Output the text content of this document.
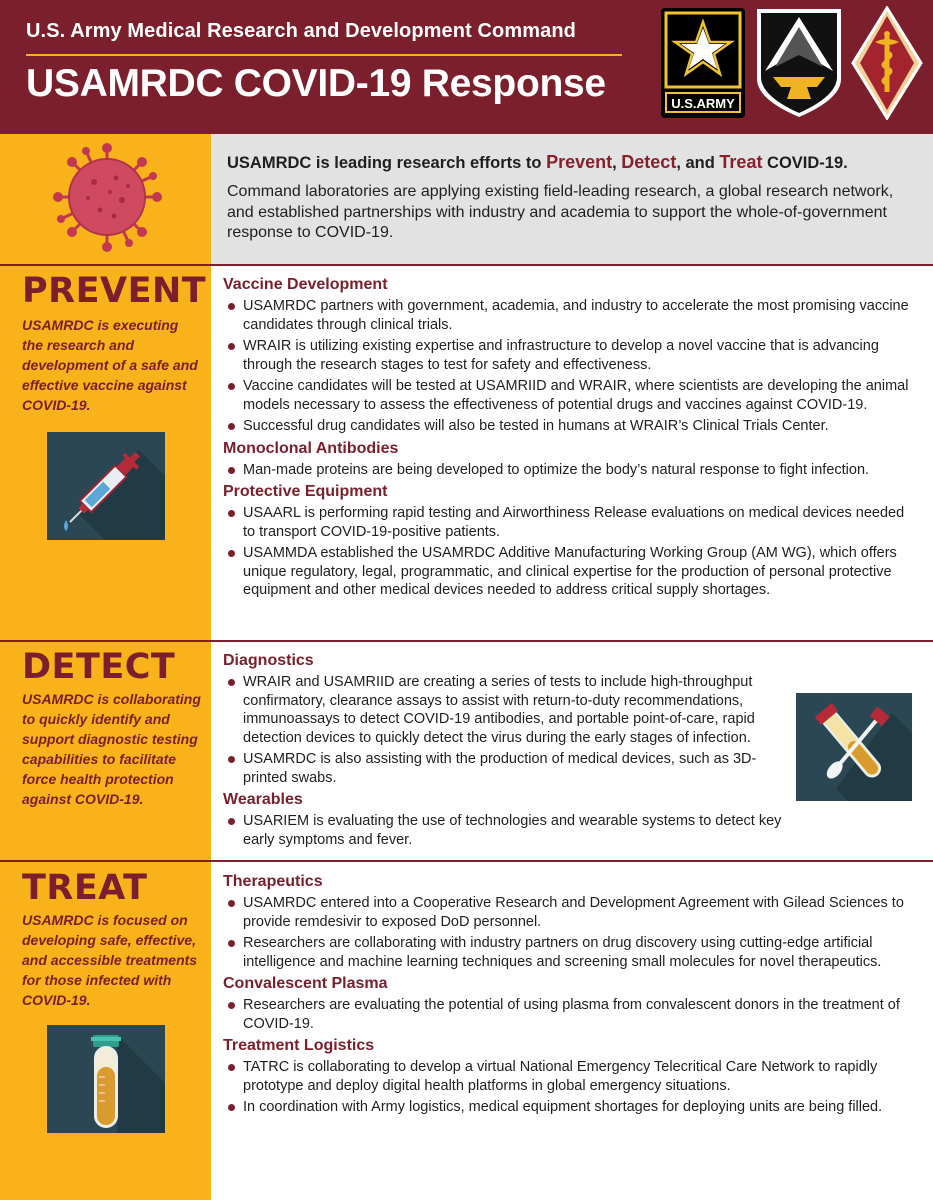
U.S. Army Medical Research and Development Command
USAMRDC COVID-19 Response	U.S.ARMY
USAMRDC is leading research efforts to Prevent, Detect, and Treat COVID-19.
Command laboratories are applying existing field-leading research, a global research network, and established partnerships with industry and academia to support the whole-of-government response to COVID-19.
PREVENT
USAMRDC is executing the research and development of a safe and effective vaccine against COVID-19.
Vaccine Development
USAMRDC partners with government, academia, and industry to accelerate the most promising vaccine candidates through clinical trials.
WRAIR is utilizing existing expertise and infrastructure to develop a novel vaccine that is advancing through the research stages to test for safety and effectiveness.
Vaccine candidates will be tested at USAMRIID and WRAIR, where scientists are developing the animal models necessary to assess the effectiveness of potential drugs and vaccines against COVID-19.
Successful drug candidates will also be tested in humans at WRAIR’s Clinical Trials Center.
Monoclonal Antibodies
Man-made proteins are being developed to optimize the body’s natural response to fight infection.
Protective Equipment
USAARL is performing rapid testing and Airworthiness Release evaluations on medical devices needed to transport COVID-19-positive patients.
USAMMDA established the USAMRDC Additive Manufacturing Working Group (AM WG), which offers unique regulatory, legal, programmatic, and clinical expertise for the production of personal protective equipment and other medical devices needed to address critical supply shortages.
DETECT
USAMRDC is collaborating to quickly identify and support diagnostic testing capabilities to facilitate force health protection against COVID-19.
Diagnostics
WRAIR and USAMRIID are creating a series of tests to include high-throughput confirmatory, clearance assays to assist with return-to-duty recommendations, immunoassays to detect COVID-19 antibodies, and portable point-of-care, rapid detection devices to quickly detect the virus during the early stages of infection.
USAMRDC is also assisting with the production of medical devices, such as 3D-printed swabs.
Wearables
USARIEM is evaluating the use of technologies and wearable systems to detect key early symptoms and fever.
TREAT
USAMRDC is focused on developing safe, effective, and accessible treatments for those infected with COVID-19.
Therapeutics
USAMRDC entered into a Cooperative Research and Development Agreement with Gilead Sciences to provide remdesivir to exposed DoD personnel.
Researchers are collaborating with industry partners on drug discovery using cutting-edge artificial intelligence and machine learning techniques and screening small molecules for novel therapeutics.
Convalescent Plasma
Researchers are evaluating the potential of using plasma from convalescent donors in the treatment of COVID-19.
Treatment Logistics
TATRC is collaborating to develop a virtual National Emergency Telecritical Care Network to rapidly prototype and deploy digital health platforms in global emergency situations.
In coordination with Army logistics, medical equipment shortages for deploying units are being filled.
